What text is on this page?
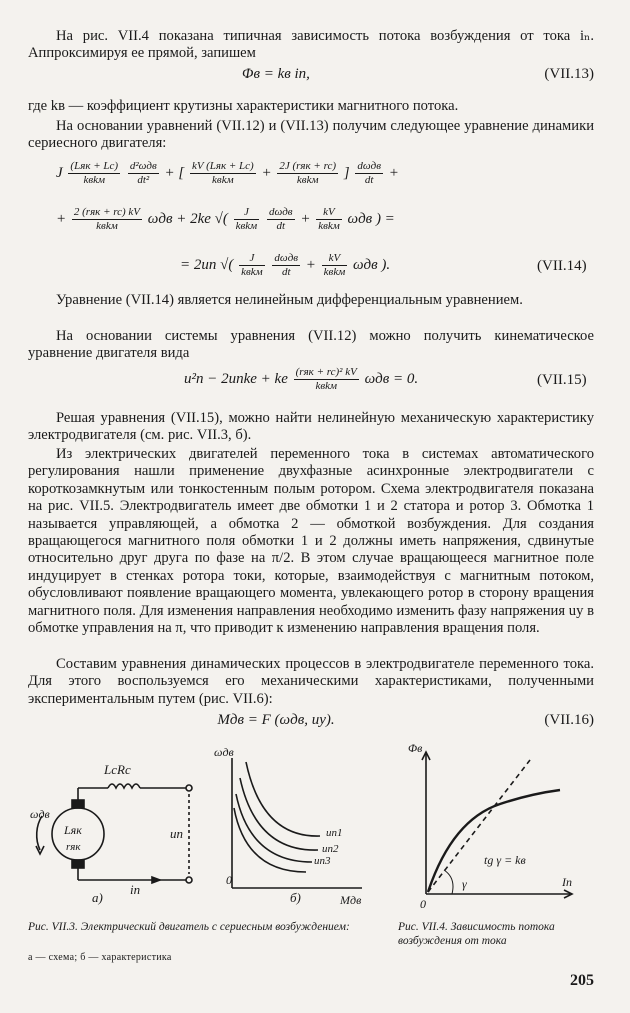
На рис. VII.4 показана типичная зависимость потока возбуждения от тока iₙ. Аппроксимируя ее прямой, запишем

Φв = kв iп,	(VII.13)

где kв — коэффициент крутизны характеристики магнитного потока.

На основании уравнений (VII.12) и (VII.13) получим следующее уравнение динамики сериесного двигателя:

J $\frac{\text{(Lяк + Lc)}}{\text{kвkм}}$
$\frac{\text{d²ωдв}}{\text{dt²}}$ + [ $\frac{\text{kV (Lяк + Lc)}}{\text{kвkм}} + \frac{\text{2J (rяк + rc)}}{\text{kвkм}}$ ] $\frac{\text{dωдв}}{dt}$ +
+ $\frac{\text{2 (rяк + rc) kV}}{\text{kвkм}}$ ωдв + 2ke √( $\frac{J}{\text{kвkм}}$
$\frac{\text{dωдв}}{dt} + \frac{kV}{\text{kвkм}}$ ωдв ) =
= 2uп √( $\frac{J}{\text{kвkм}}$
$\frac{\text{dωдв}}{dt} + \frac{kV}{\text{kвkм}}$ ωдв ).	(VII.14)

Уравнение (VII.14) является нелинейным дифференциальным уравнением.

На основании системы уравнения (VII.12) можно получить кинематическое уравнение двигателя вида

u²п − 2uпke + ke $\frac{\text{(rяк + rc)² kV}}{\text{kвkм}}$ ωдв = 0.	(VII.15)

Решая уравнения (VII.15), можно найти нелинейную механическую характеристику электродвигателя (см. рис. VII.3, б).

Из электрических двигателей переменного тока в системах автоматического регулирования нашли применение двухфазные асинхронные электродвигатели с короткозамкнутым или тонкостенным полым ротором. Схема электродвигателя показана на рис. VII.5. Электродвигатель имеет две обмотки 1 и 2 статора и ротор 3. Обмотка 1 называется управляющей, а обмотка 2 — обмоткой возбуждения. Для создания вращающегося магнитного поля обмотки 1 и 2 должны иметь напряжения, сдвинутые относительно друг друга по фазе на π/2. В этом случае вращающееся магнитное поле индуцирует в стенках ротора токи, которые, взаимодействуя с магнитным потоком, обусловливают появление вращающего момента, увлекающего ротор в сторону вращения магнитного поля. Для изменения направления необходимо изменить фазу напряжения uу в обмотке управления на π, что приводит к изменению направления вращения поля.

Составим уравнения динамических процессов в электродвигателе переменного тока. Для этого воспользуемся его механическими характеристиками, полученными экспериментальным путем (рис. VII.6):

Mдв = F (ωдв, uу).	(VII.16)
ωдв
LcRc
Lяк
rяк
uп
iп
а)
ωдв
0
Mдв
uп1
uп2
uп3
б)
Φв
0
Iп
γ
tg γ = kв
Рис. VII.3. Электрический двигатель с сериесным возбуждением:
а — схема; б — характеристика
Рис. VII.4. Зависимость потока возбуждения от тока
205
